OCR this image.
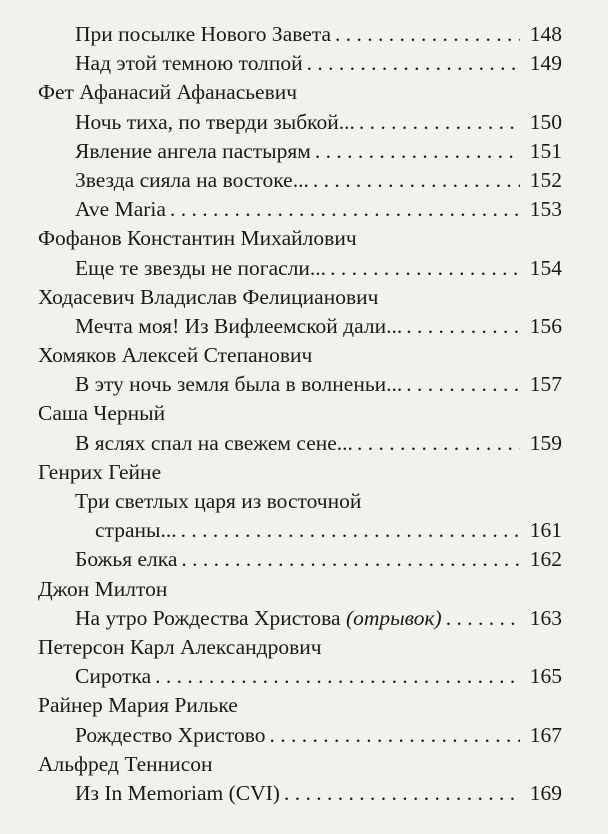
При посылке Нового Завета . . .	148
Над этой темною толпой . . .	149
Фет Афанасий Афанасьевич
Ночь тиха, по тверди зыбкой... . . .	150
Явление ангела пастырям . . .	151
Звезда сияла на востоке... . . .	152
Ave Maria . . .	153
Фофанов Константин Михайлович
Еще те звезды не погасли... . . .	154
Ходасевич Владислав Фелицианович
Мечта моя! Из Вифлеемской дали... . . .	156
Хомяков Алексей Степанович
В эту ночь земля была в волненьи... . . .	157
Саша Черный
В яслях спал на свежем сене... . . .	159
Генрих Гейне
Три светлых царя из восточной
страны... . . .	161
Божья елка . . .	162
Джон Милтон
На утро Рождества Христова (отрывок) . . .	163
Петерсон Карл Александрович
Сиротка . . .	165
Райнер Мария Рильке
Рождество Христово . . .	167
Альфред Теннисон
Из In Memoriam (CVI) . . .	169
